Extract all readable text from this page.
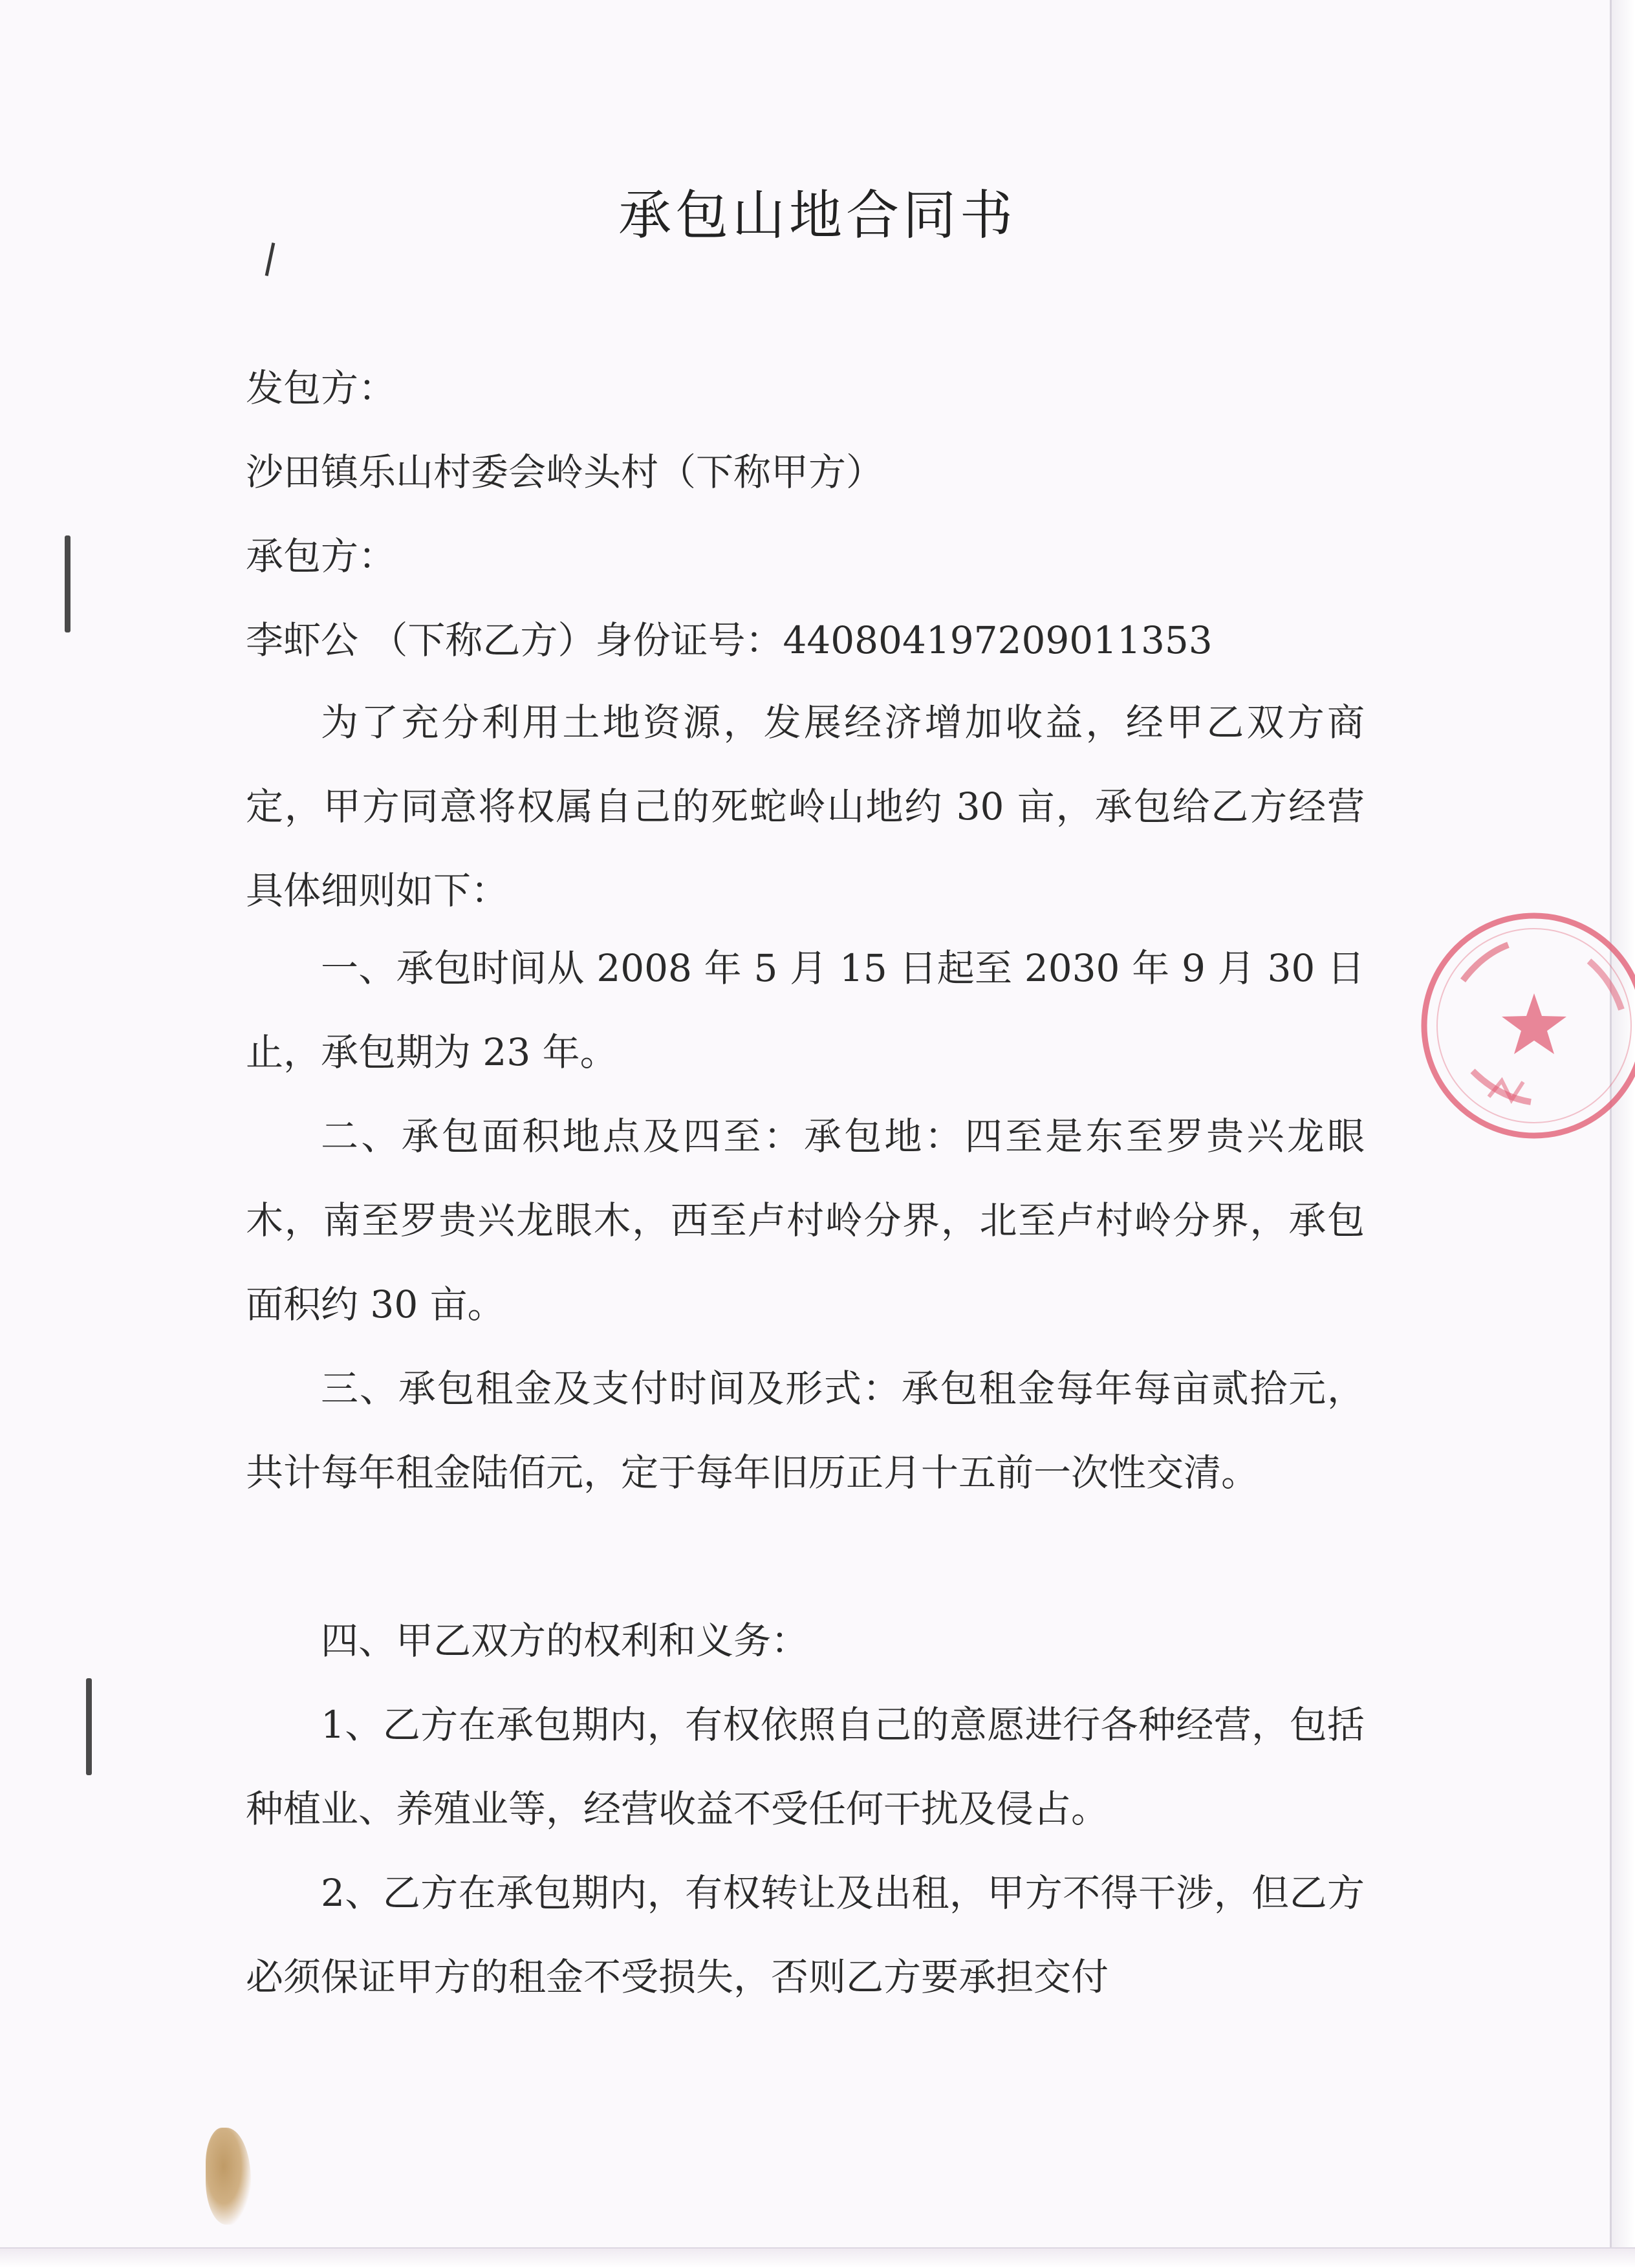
承包山地合同书
发包方：
沙田镇乐山村委会岭头村（下称甲方）
承包方：
李虾公 （下称乙方）身份证号：440804197209011353
为了充分利用土地资源，发展经济增加收益，经甲乙双方商定，甲方同意将权属自己的死蛇岭山地约 30 亩，承包给乙方经营具体细则如下：
一、承包时间从 2008 年 5 月 15 日起至 2030 年 9 月 30 日止，承包期为 23 年。
二、承包面积地点及四至：承包地：四至是东至罗贵兴龙眼木，南至罗贵兴龙眼木，西至卢村岭分界，北至卢村岭分界，承包面积约 30 亩。
三、承包租金及支付时间及形式：承包租金每年每亩贰拾元，共计每年租金陆佰元，定于每年旧历正月十五前一次性交清。
四、甲乙双方的权利和义务：
1、乙方在承包期内，有权依照自己的意愿进行各种经营，包括种植业、养殖业等，经营收益不受任何干扰及侵占。
2、乙方在承包期内，有权转让及出租，甲方不得干涉，但乙方必须保证甲方的租金不受损失，否则乙方要承担交付
